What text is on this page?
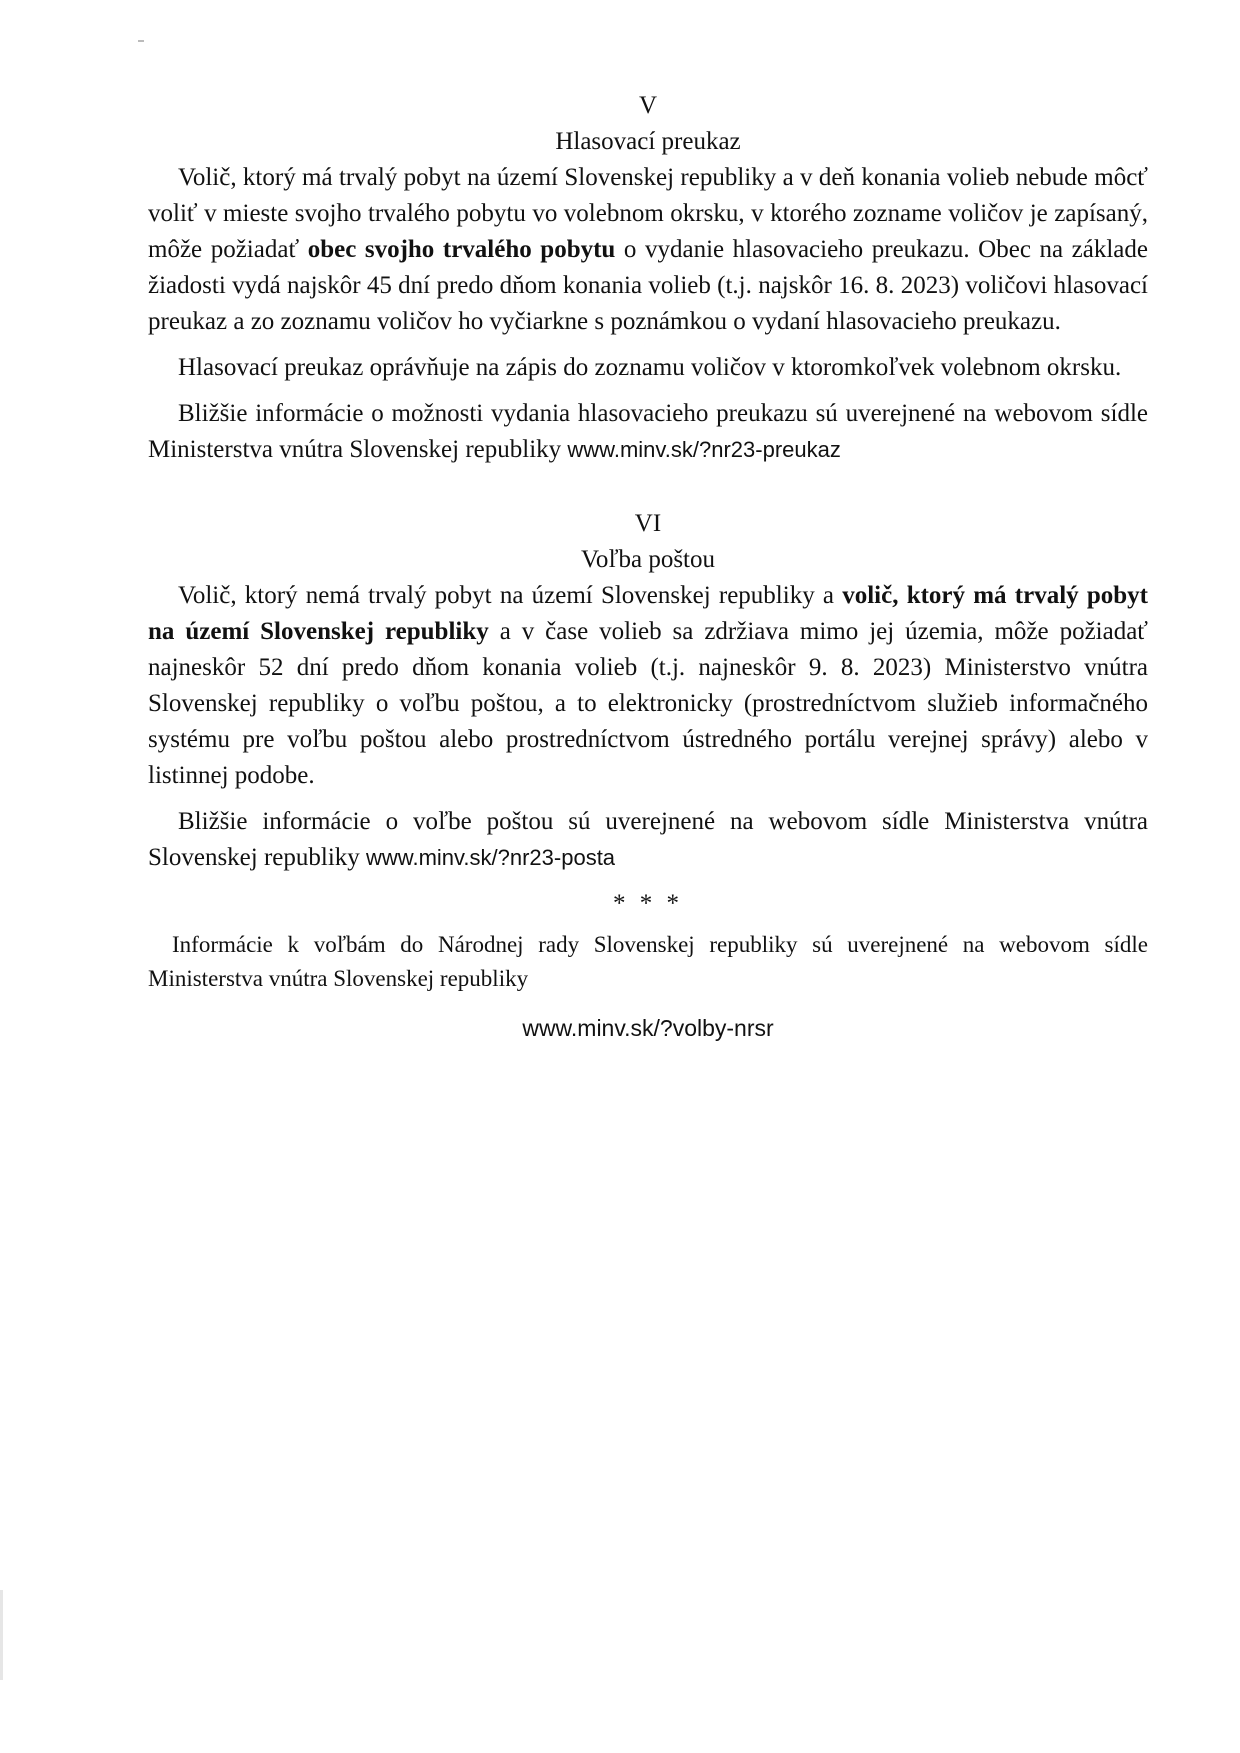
V
Hlasovací preukaz

Volič, ktorý má trvalý pobyt na území Slovenskej republiky a v deň konania volieb nebude môcť voliť v mieste svojho trvalého pobytu vo volebnom okrsku, v ktorého zozname voličov je zapísaný, môže požiadať obec svojho trvalého pobytu o vydanie hlasovacieho preukazu. Obec na základe žiadosti vydá najskôr 45 dní predo dňom konania volieb (t.j. najskôr 16. 8. 2023) voličovi hlasovací preukaz a zo zoznamu voličov ho vyčiarkne s poznámkou o vydaní hlasovacieho preukazu.

Hlasovací preukaz oprávňuje na zápis do zoznamu voličov v ktoromkoľvek volebnom okrsku.

Bližšie informácie o možnosti vydania hlasovacieho preukazu sú uverejnené na webovom sídle Ministerstva vnútra Slovenskej republiky www.minv.sk/?nr23-preukaz

VI
Voľba poštou

Volič, ktorý nemá trvalý pobyt na území Slovenskej republiky a volič, ktorý má trvalý pobyt na území Slovenskej republiky a v čase volieb sa zdržiava mimo jej územia, môže požiadať najneskôr 52 dní predo dňom konania volieb (t.j. najneskôr 9. 8. 2023) Ministerstvo vnútra Slovenskej republiky o voľbu poštou, a to elektronicky (prostredníctvom služieb informačného systému pre voľbu poštou alebo prostredníctvom ústredného portálu verejnej správy) alebo v listinnej podobe.

Bližšie informácie o voľbe poštou sú uverejnené na webovom sídle Ministerstva vnútra Slovenskej republiky www.minv.sk/?nr23-posta

* * *

Informácie k voľbám do Národnej rady Slovenskej republiky sú uverejnené na webovom sídle Ministerstva vnútra Slovenskej republiky

www.minv.sk/?volby-nrsr
